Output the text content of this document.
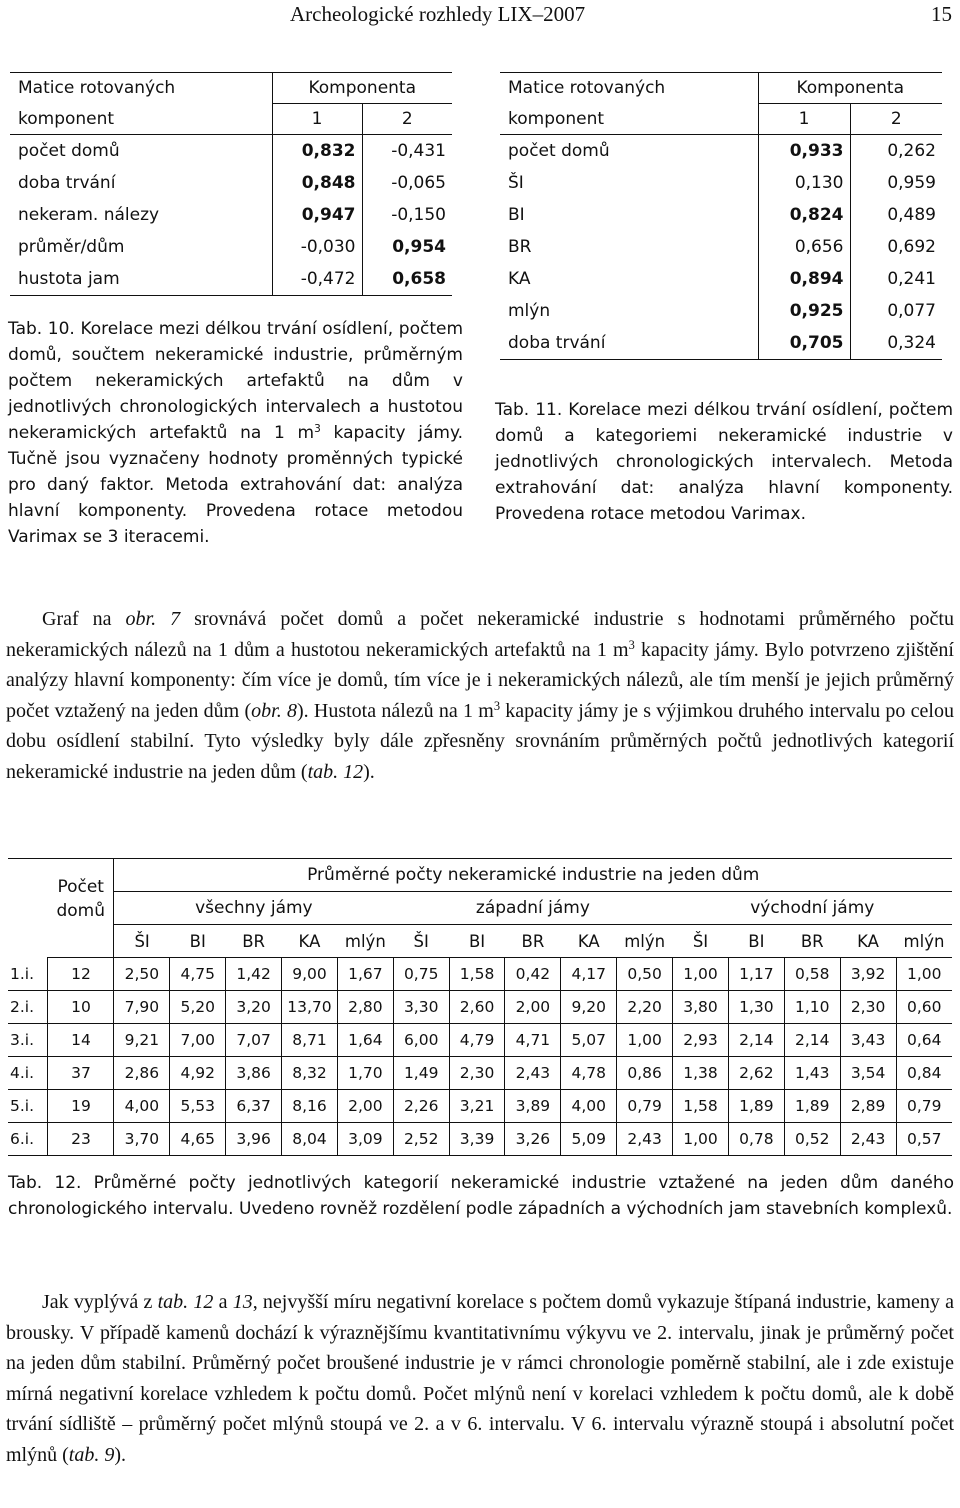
Archeologické rozhledy LIX–2007	15
Matice rotovaných	Komponenta	
komponent	1	2
počet domů	0,832	-0,431
doba trvání	0,848	-0,065
nekeram. nálezy	0,947	-0,150
průměr/dům	-0,030	0,954
hustota jam	-0,472	0,658
Tab. 10. Korelace mezi délkou trvání osídlení, počtem domů, součtem nekeramické industrie, průměrným počtem nekeramických artefaktů na dům v jednotlivých chronologických intervalech a hustotou nekeramických artefaktů na 1 $m^3$ kapacity jámy. Tučně jsou vyznačeny hodnoty proměnných typické pro daný faktor. Metoda extrahování dat: analýza hlavní komponenty. Provedena rotace metodou Varimax se 3 iteracemi.
Matice rotovaných	Komponenta	
komponent	1	2
počet domů	0,933	0,262
ŠI	0,130	0,959
BI	0,824	0,489
BR	0,656	0,692
KA	0,894	0,241
mlýn	0,925	0,077
doba trvání	0,705	0,324
Tab. 11. Korelace mezi délkou trvání osídlení, počtem domů a kategoriemi nekeramické industrie v jednotlivých chronologických intervalech. Metoda extrahování dat: analýza hlavní komponenty. Provedena rotace metodou Varimax.
Graf na obr. 7 srovnává počet domů a počet nekeramické industrie s hodnotami průměrného počtu nekeramických nálezů na 1 dům a hustotou nekeramických artefaktů na 1 $m^3$ kapacity jámy. Bylo potvrzeno zjištění analýzy hlavní komponenty: čím více je domů, tím více je i nekeramických nálezů, ale tím menší je jejich průměrný počet vztažený na jeden dům (obr. 8). Hustota nálezů na 1 $m^3$ kapacity jámy je s výjimkou druhého intervalu po celou dobu osídlení stabilní. Tyto výsledky byly dále zpřesněny srovnáním průměrných počtů jednotlivých kategorií nekeramické industrie na jeden dům (tab. 12).

	Počet
domů	Průměrné počty nekeramické industrie na jeden dům														
		všechny jámy					západní jámy					východní jámy				
		ŠI	BI	BR	KA	mlýn	ŠI	BI	BR	KA	mlýn	ŠI	BI	BR	KA	mlýn
1.i.	12	2,50	4,75	1,42	9,00	1,67	0,75	1,58	0,42	4,17	0,50	1,00	1,17	0,58	3,92	1,00
2.i.	10	7,90	5,20	3,20	13,70	2,80	3,30	2,60	2,00	9,20	2,20	3,80	1,30	1,10	2,30	0,60
3.i.	14	9,21	7,00	7,07	8,71	1,64	6,00	4,79	4,71	5,07	1,00	2,93	2,14	2,14	3,43	0,64
4.i.	37	2,86	4,92	3,86	8,32	1,70	1,49	2,30	2,43	4,78	0,86	1,38	2,62	1,43	3,54	0,84
5.i.	19	4,00	5,53	6,37	8,16	2,00	2,26	3,21	3,89	4,00	0,79	1,58	1,89	1,89	2,89	0,79
6.i.	23	3,70	4,65	3,96	8,04	3,09	2,52	3,39	3,26	5,09	2,43	1,00	0,78	0,52	2,43	0,57
Tab. 12. Průměrné počty jednotlivých kategorií nekeramické industrie vztažené na jeden dům daného chronologického intervalu. Uvedeno rovněž rozdělení podle západních a východních jam stavebních komplexů.
Jak vyplývá z tab. 12 a 13, nejvyšší míru negativní korelace s počtem domů vykazuje štípaná industrie, kameny a brousky. V případě kamenů dochází k výraznějšímu kvantitativnímu výkyvu ve 2. intervalu, jinak je průměrný počet na jeden dům stabilní. Průměrný počet broušené industrie je v rámci chronologie poměrně stabilní, ale i zde existuje mírná negativní korelace vzhledem k počtu domů. Počet mlýnů není v korelaci vzhledem k počtu domů, ale k době trvání sídliště – průměrný počet mlýnů stoupá ve 2. a v 6. intervalu. V 6. intervalu výrazně stoupá i absolutní počet mlýnů (tab. 9).
